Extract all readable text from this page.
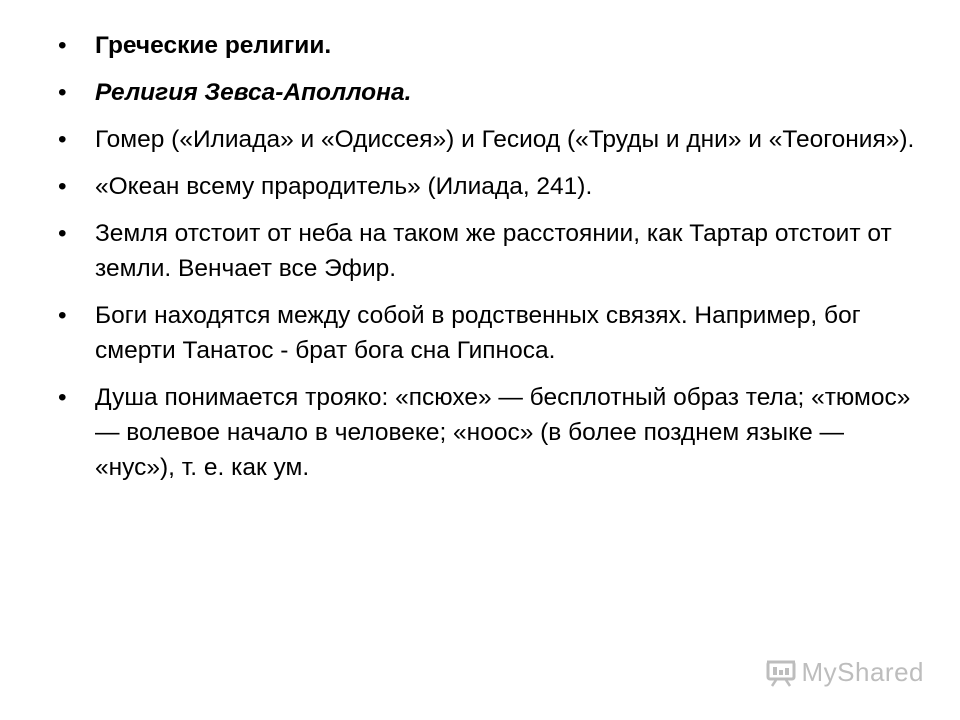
•	Греческие религии.
•	Религия Зевса-Аполлона.
•	Гомер («Илиада» и «Одиссея») и Гесиод («Труды и дни» и «Теогония»).
•	«Океан всему прародитель» (Илиада, 241).
•	Земля отстоит от неба на таком же расстоянии, как Тартар отстоит от земли. Венчает все Эфир.
•	Боги находятся между собой в родственных связях. Например, бог смерти Танатос - брат бога сна Гипноса.
•	Душа понимается трояко: «псюхе» — бесплотный образ тела; «тюмос» — волевое начало в человеке; «ноос» (в более позднем языке — «нус»), т. е. как ум.
MyShared
